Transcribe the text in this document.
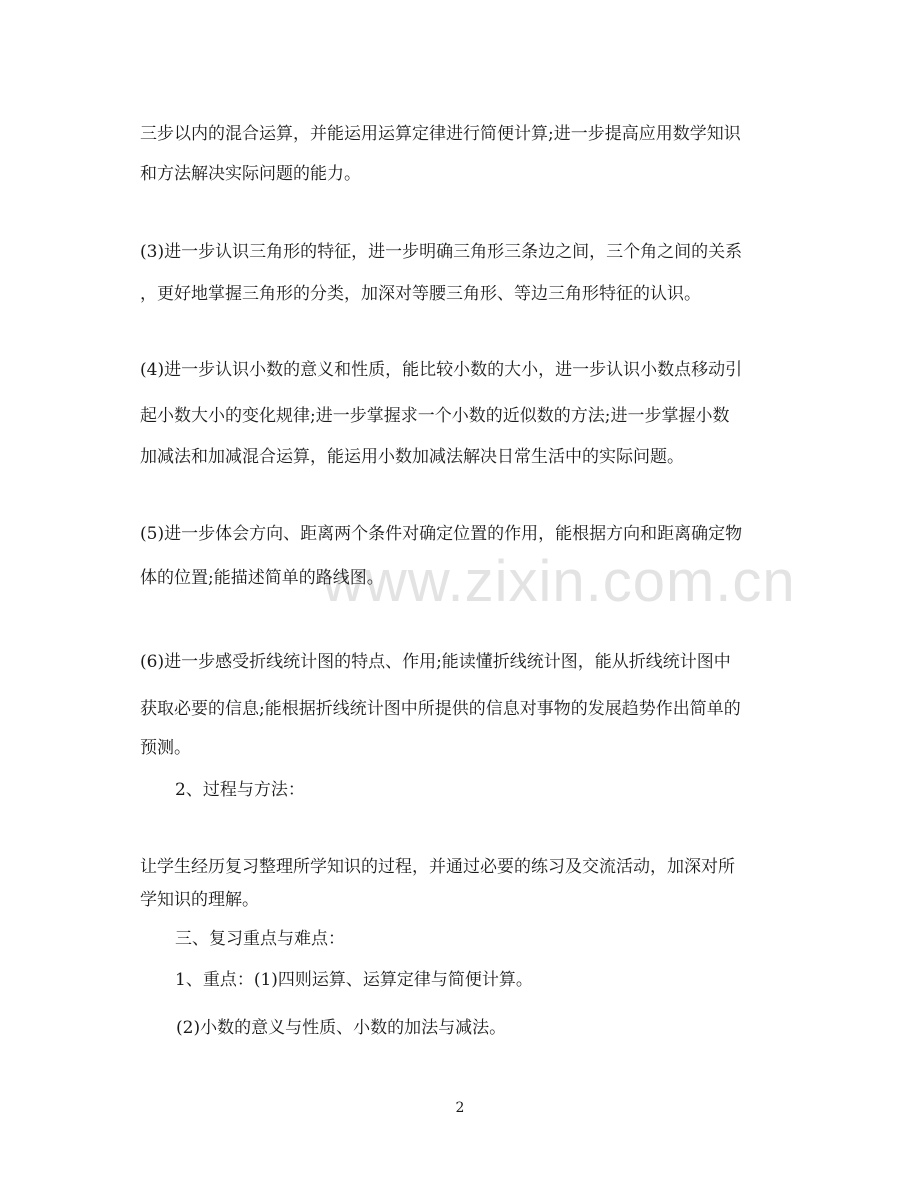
www.zixin.com.cn
三步以内的混合运算，并能运用运算定律进行简便计算;进一步提高应用数学知识
和方法解决实际问题的能力。
(3)进一步认识三角形的特征，进一步明确三角形三条边之间，三个角之间的关系
，更好地掌握三角形的分类，加深对等腰三角形、等边三角形特征的认识。
(4)进一步认识小数的意义和性质，能比较小数的大小，进一步认识小数点移动引
起小数大小的变化规律;进一步掌握求一个小数的近似数的方法;进一步掌握小数
加减法和加减混合运算，能运用小数加减法解决日常生活中的实际问题。
(5)进一步体会方向、距离两个条件对确定位置的作用，能根据方向和距离确定物
体的位置;能描述简单的路线图。
(6)进一步感受折线统计图的特点、作用;能读懂折线统计图，能从折线统计图中
获取必要的信息;能根据折线统计图中所提供的信息对事物的发展趋势作出简单的
预测。
2、过程与方法：
让学生经历复习整理所学知识的过程，并通过必要的练习及交流活动，加深对所
学知识的理解。
三、复习重点与难点：
1、重点：(1)四则运算、运算定律与简便计算。
(2)小数的意义与性质、小数的加法与减法。
2
